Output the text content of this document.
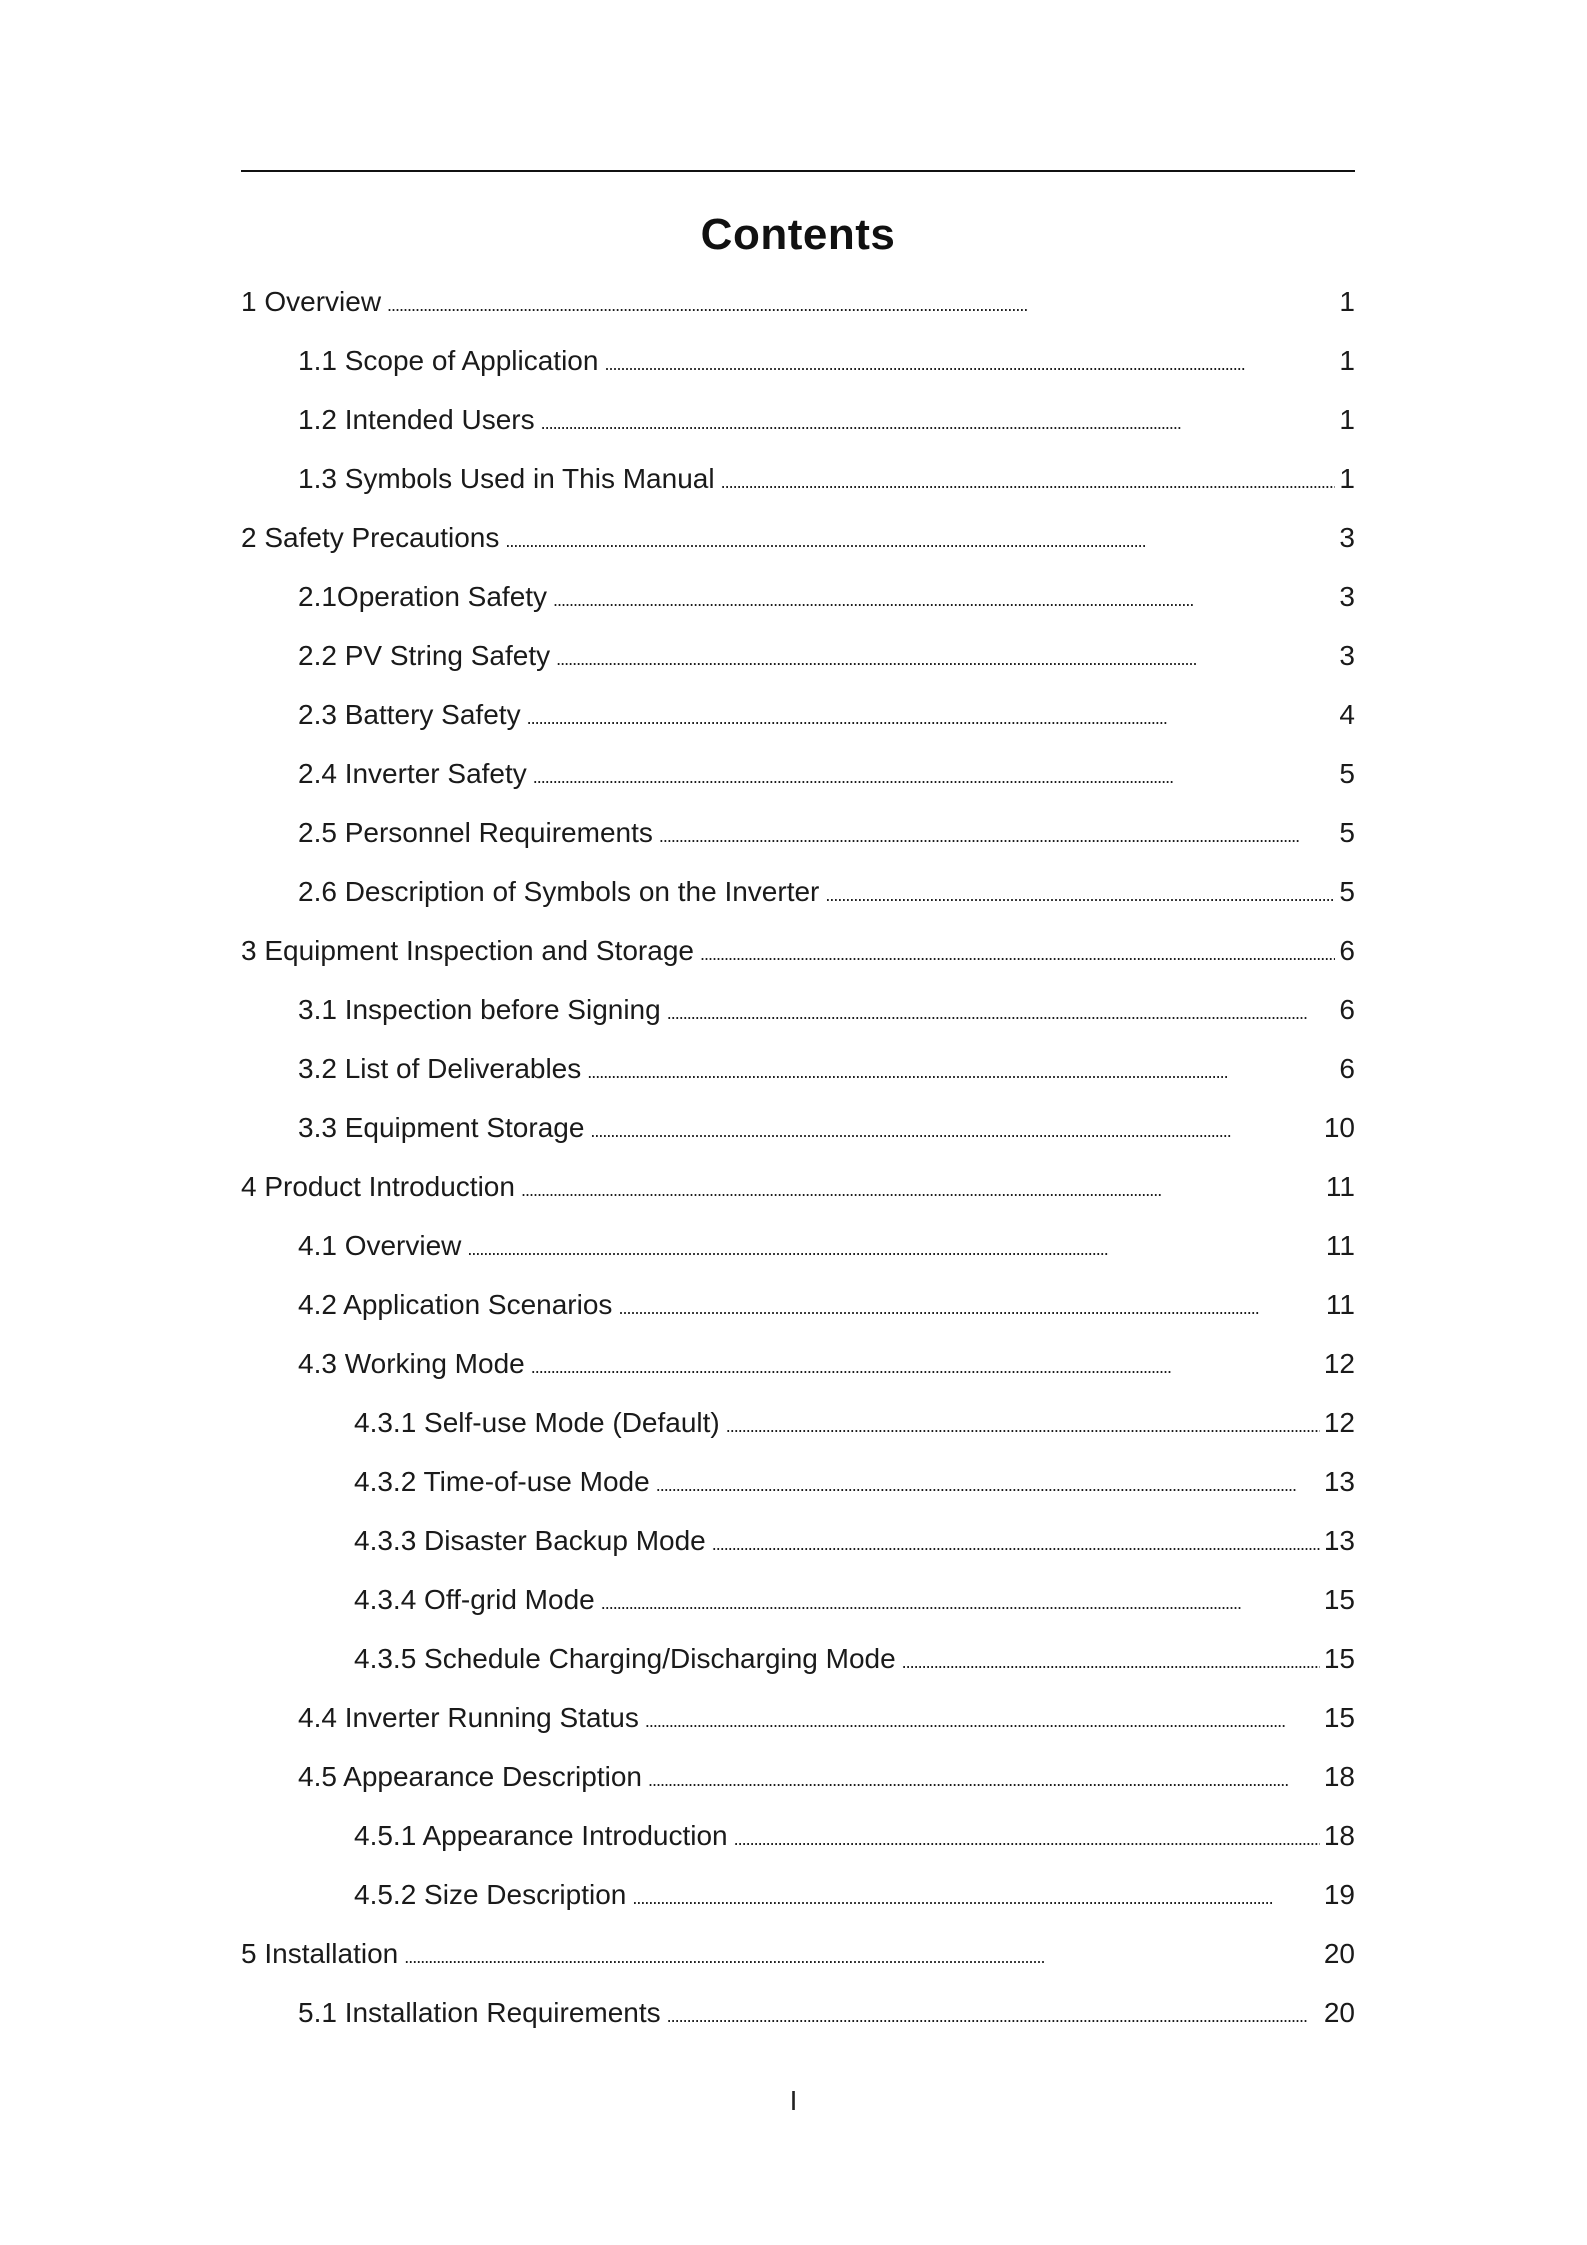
Contents
1 Overview . . .	1
1.1 Scope of Application . . .	1
1.2 Intended Users . . .	1
1.3 Symbols Used in This Manual . . .	1
2 Safety Precautions . . .	3
2.1Operation Safety . . .	3
2.2 PV String Safety . . .	3
2.3 Battery Safety . . .	4
2.4 Inverter Safety . . .	5
2.5 Personnel Requirements . . .	5
2.6 Description of Symbols on the Inverter . . .	5
3 Equipment Inspection and Storage . . .	6
3.1 Inspection before Signing . . .	6
3.2 List of Deliverables . . .	6
3.3 Equipment Storage . . .	10
4 Product Introduction . . .	11
4.1 Overview . . .	11
4.2 Application Scenarios . . .	11
4.3 Working Mode . . .	12
4.3.1 Self-use Mode (Default) . . .	12
4.3.2 Time-of-use Mode . . .	13
4.3.3 Disaster Backup Mode . . .	13
4.3.4 Off-grid Mode . . .	15
4.3.5 Schedule Charging/Discharging Mode . . .	15
4.4 Inverter Running Status . . .	15
4.5 Appearance Description . . .	18
4.5.1 Appearance Introduction . . .	18
4.5.2 Size Description . . .	19
5 Installation . . .	20
5.1 Installation Requirements . . .	20
I
